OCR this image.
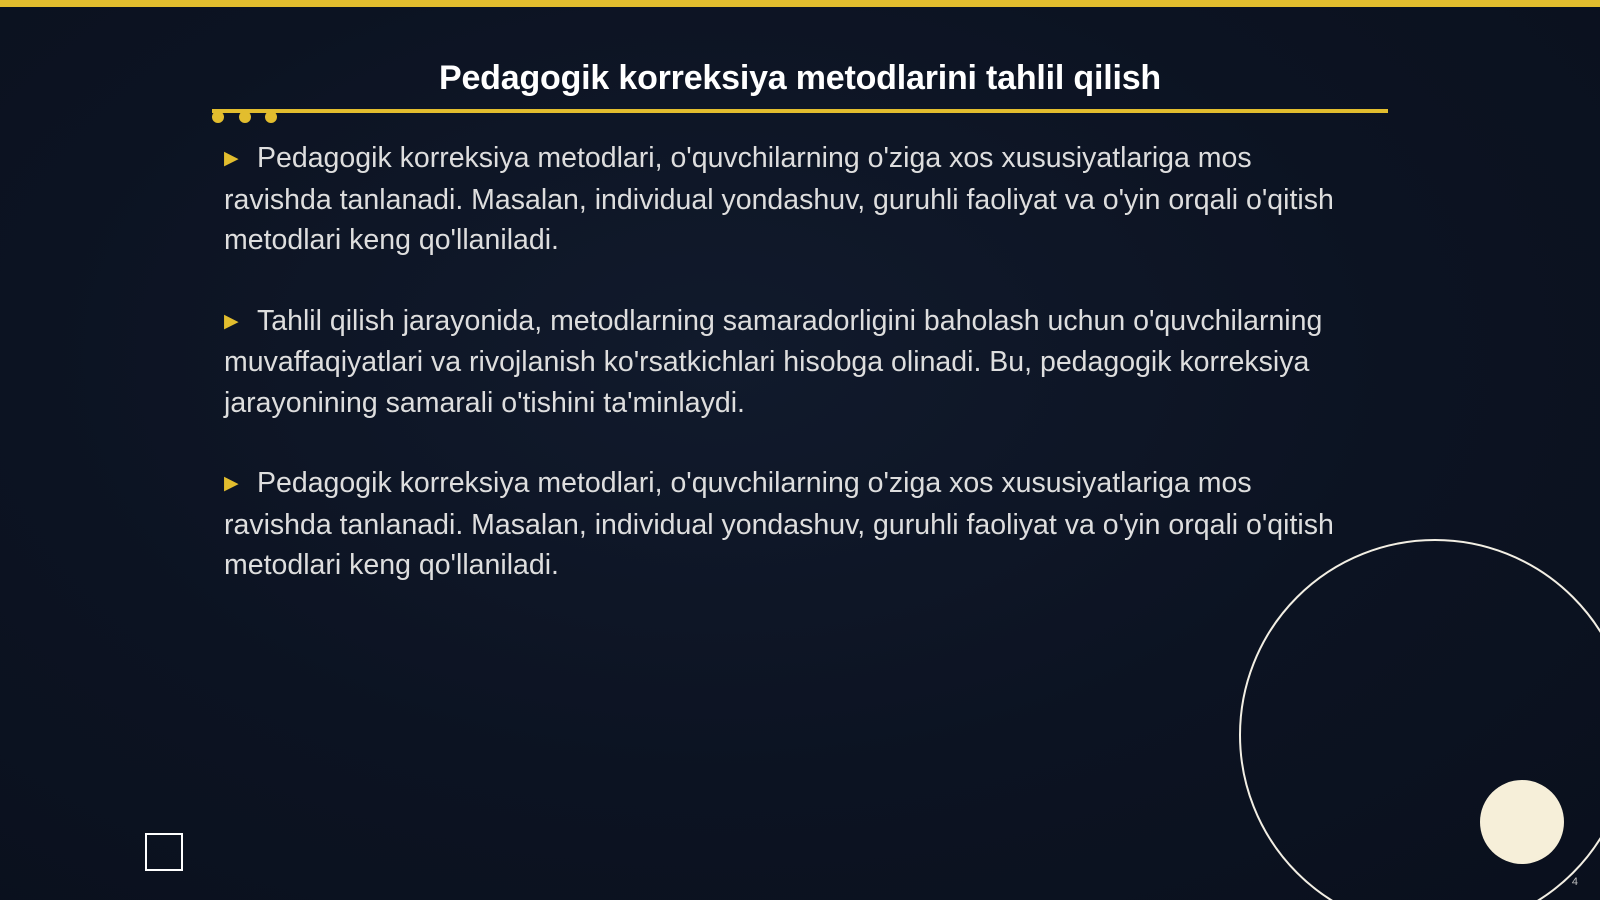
Pedagogik korreksiya metodlarini tahlil qilish

▶ Pedagogik korreksiya metodlari, o'quvchilarning o'ziga xos xususiyatlariga mos ravishda tanlanadi. Masalan, individual yondashuv, guruhli faoliyat va o'yin orqali o'qitish metodlari keng qo'llaniladi.

▶ Tahlil qilish jarayonida, metodlarning samaradorligini baholash uchun o'quvchilarning muvaffaqiyatlari va rivojlanish ko'rsatkichlari hisobga olinadi. Bu, pedagogik korreksiya jarayonining samarali o'tishini ta'minlaydi.

▶ Pedagogik korreksiya metodlari, o'quvchilarning o'ziga xos xususiyatlariga mos ravishda tanlanadi. Masalan, individual yondashuv, guruhli faoliyat va o'yin orqali o'qitish metodlari keng qo'llaniladi.

4
